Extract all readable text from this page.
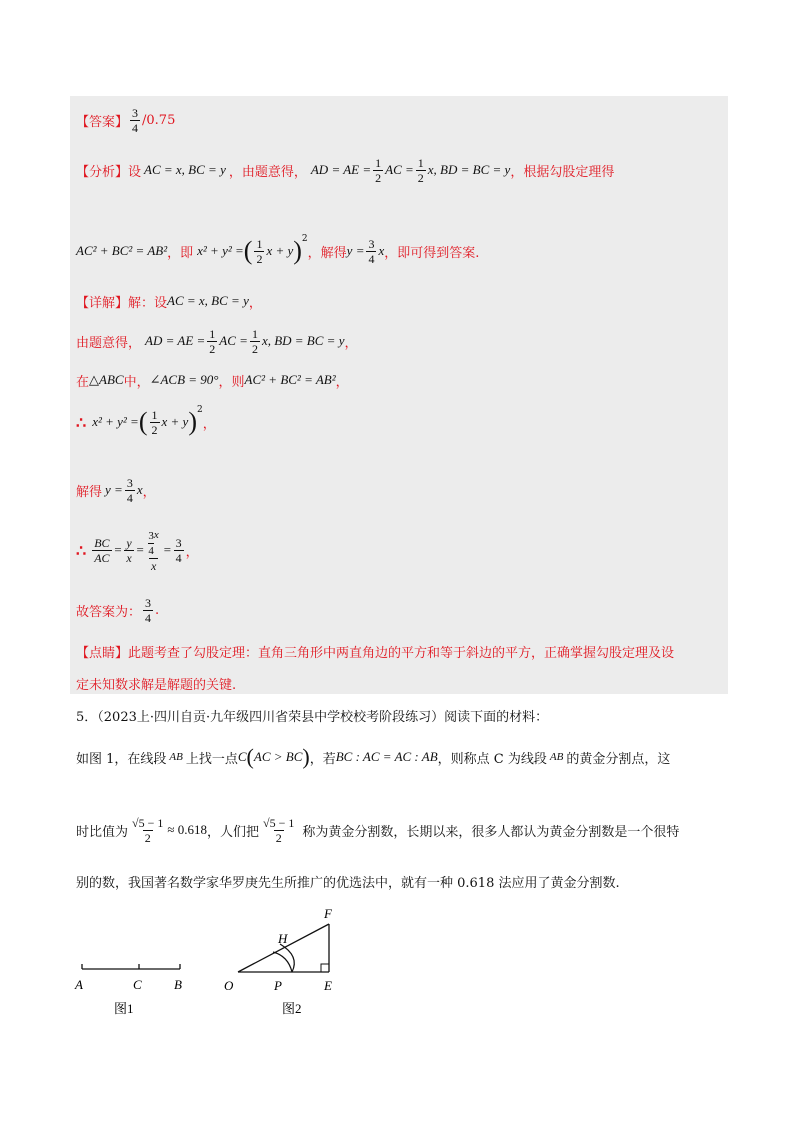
【答案】 $\frac{3}{4} /0.75$
【分析】 设 AC = x, BC = y ，由题意得， AD = AE = $\frac{1}{2}$ AC = $\frac{1}{2} x$, BD = BC = y ，根据勾股定理得
AC² + BC² = AB² ，即 x² + y² = ( $\frac{1}{2}$ x + y )$^2$
，解得 $y = \frac{3}{4}$ x ，即可得到答案.
【详解】 解：设 AC = x, BC = y ，
由题意得， AD = AE = $\frac{1}{2}$ AC = $\frac{1}{2} x$, BD = BC = y ，
在 △ABC 中， ∠ACB = 90° ，则 AC² + BC² = AB² ，
∴ x² + y² = ( $\frac{1}{2}$ x + y )$^2$
，
解得 $y = \frac{3}{4}$ x ，
∴ $\frac{BC}{AC} = \frac{y}{x} = \frac{\frac{3}{4} x}{x} = \frac{3}{4}$ ，
故答案为： $\frac{3}{4}$ .
【点睛】 此题考查了勾股定理：直角三角形中两直角边的平方和等于斜边的平方，正确掌握勾股定理及设
定未知数求解是解题的关键.
5．（2023上·四川自贡·九年级四川省荣县中学校校考阶段练习）阅读下面的材料：
如图 1，在线段 AB 上找一点 C ( AC > BC ) ，若 BC : AC = AC : AB ，则称点 C 为线段 AB 的黄金分割点，这
时比值为 $\frac{√5 - 1}{2} \approx 0.618$ ，人们把 $\frac{√5 - 1}{2}$ 称为黄金分割数，长期以来，很多人都认为黄金分割数是一个很特
别的数，我国著名数学家华罗庚先生所推广的优选法中，就有一种 0.618 法应用了黄金分割数.
A	C B
图1
O	P	E
H
F
图2
